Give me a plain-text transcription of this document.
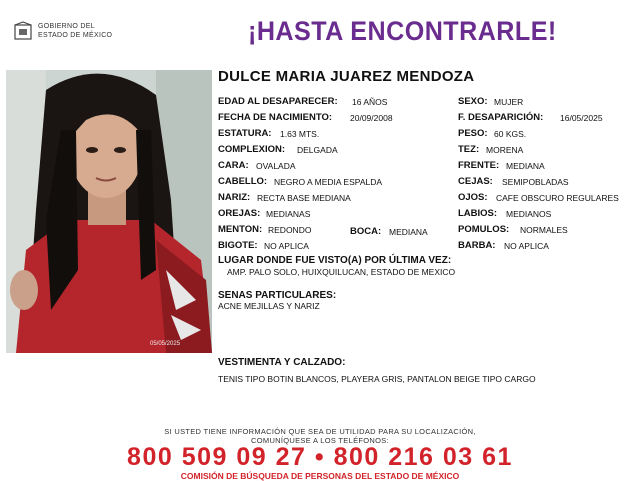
GOBIERNO DEL
ESTADO DE MÉXICO	¡HASTA ENCONTRARLE!
05/05/2025
DULCE MARIA JUAREZ MENDOZA
EDAD AL DESAPARECER: 16 AÑOS
FECHA DE NACIMIENTO: 20/09/2008
ESTATURA: 1.63 MTS.
COMPLEXION: DELGADA
CARA: OVALADA
CABELLO: NEGRO A MEDIA ESPALDA
NARIZ: RECTA BASE MEDIANA
OREJAS: MEDIANAS
MENTON: REDONDO	BOCA: MEDIANA
BIGOTE: NO APLICA
SEXO: MUJER
F. DESAPARICIÓN: 16/05/2025
PESO: 60 KGS.
TEZ: MORENA
FRENTE: MEDIANA
CEJAS: SEMIPOBLADAS
OJOS: CAFE OBSCURO REGULARES
LABIOS: MEDIANOS
POMULOS: NORMALES
BARBA: NO APLICA
LUGAR DONDE FUE VISTO(A) POR ÚLTIMA VEZ:
AMP. PALO SOLO, HUIXQUILUCAN, ESTADO DE MEXICO
SENAS PARTICULARES:
ACNE MEJILLAS Y NARIZ
VESTIMENTA Y CALZADO:
TENIS TIPO BOTIN BLANCOS, PLAYERA GRIS, PANTALON BEIGE TIPO CARGO
SI USTED TIENE INFORMACIÓN QUE SEA DE UTILIDAD PARA SU LOCALIZACIÓN,
COMUNÍQUESE A LOS TELÉFONOS:
800 509 09 27 • 800 216 03 61
COMISIÓN DE BÚSQUEDA DE PERSONAS DEL ESTADO DE MÉXICO
